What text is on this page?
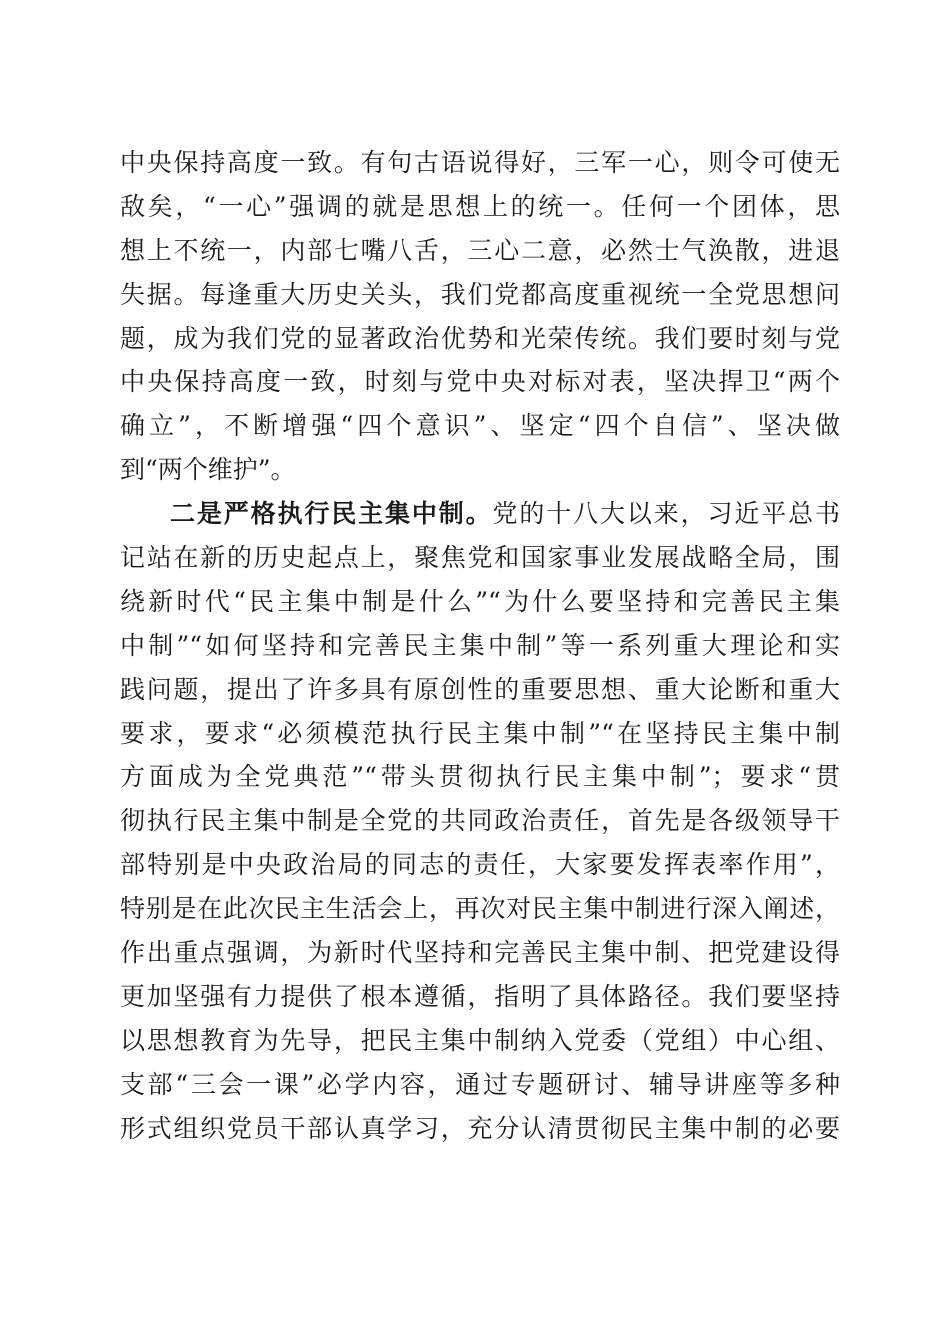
中央保持高度一致。有句古语说得好，三军一心，则令可使无
敌矣，“一心”强调的就是思想上的统一。任何一个团体，思
想上不统一，内部七嘴八舌，三心二意，必然士气涣散，进退
失据。每逢重大历史关头，我们党都高度重视统一全党思想问
题，成为我们党的显著政治优势和光荣传统。我们要时刻与党
中央保持高度一致，时刻与党中央对标对表，坚决捍卫“两个
确立”，不断增强“四个意识”、坚定“四个自信”、坚决做
到“两个维护”。
二是严格执行民主集中制。党的十八大以来，习近平总书
记站在新的历史起点上，聚焦党和国家事业发展战略全局，围
绕新时代“民主集中制是什么”“为什么要坚持和完善民主集
中制”“如何坚持和完善民主集中制”等一系列重大理论和实
践问题，提出了许多具有原创性的重要思想、重大论断和重大
要求，要求“必须模范执行民主集中制”“在坚持民主集中制
方面成为全党典范”“带头贯彻执行民主集中制”；要求“贯
彻执行民主集中制是全党的共同政治责任，首先是各级领导干
部特别是中央政治局的同志的责任，大家要发挥表率作用”，
特别是在此次民主生活会上，再次对民主集中制进行深入阐述，
作出重点强调，为新时代坚持和完善民主集中制、把党建设得
更加坚强有力提供了根本遵循，指明了具体路径。我们要坚持
以思想教育为先导，把民主集中制纳入党委（党组）中心组、
支部“三会一课”必学内容，通过专题研讨、辅导讲座等多种
形式组织党员干部认真学习，充分认清贯彻民主集中制的必要
